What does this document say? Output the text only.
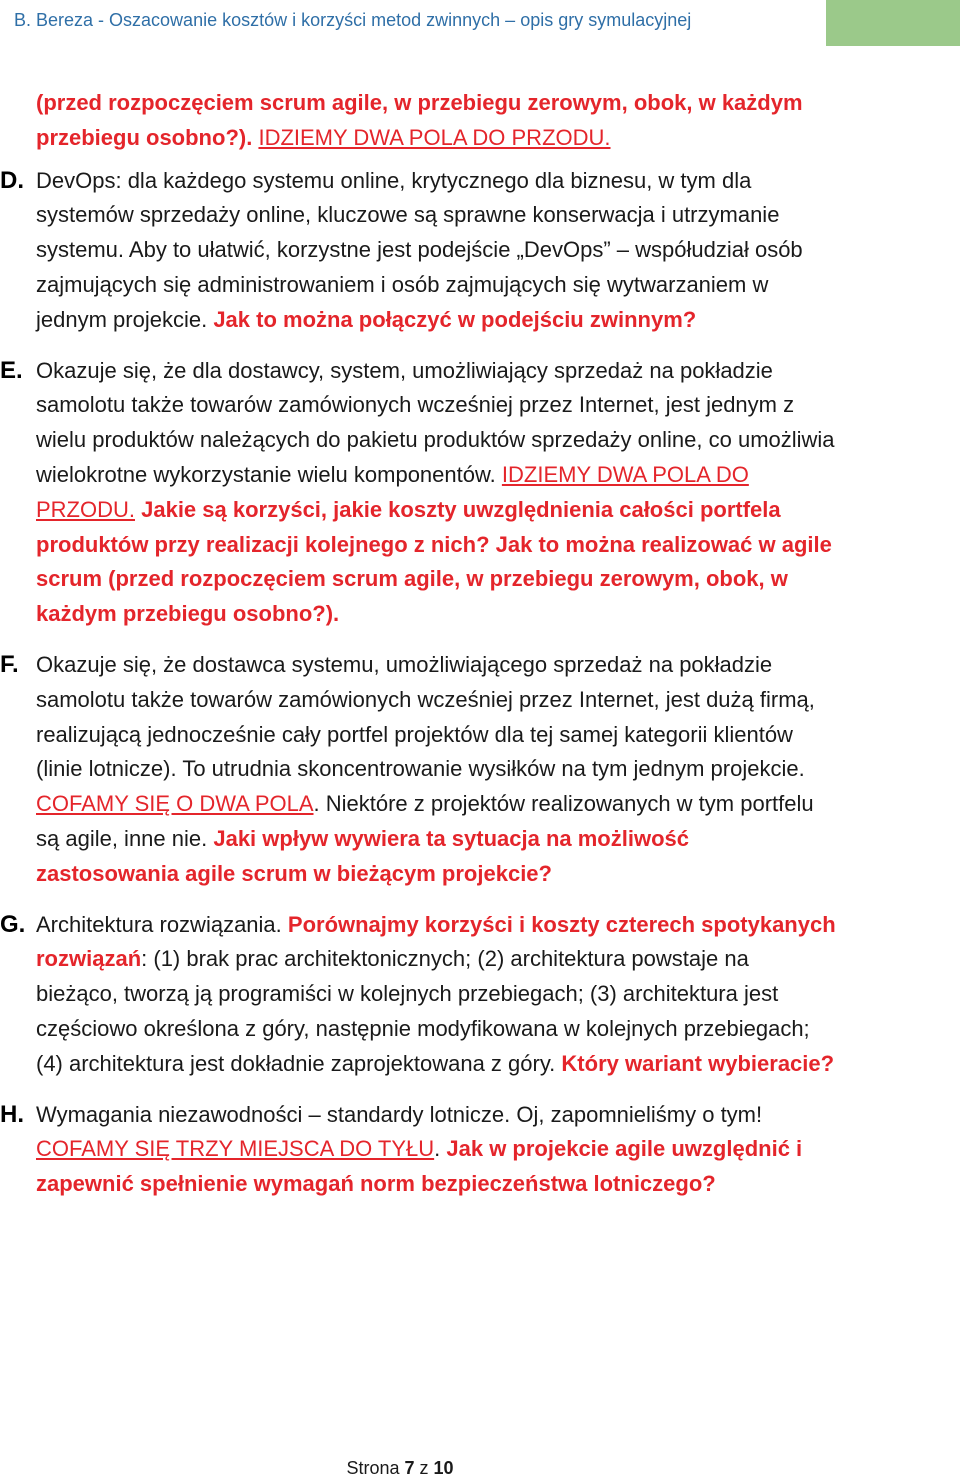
B. Bereza - Oszacowanie kosztów i korzyści metod zwinnych – opis gry symulacyjnej
(przed rozpoczęciem scrum agile, w przebiegu zerowym, obok, w każdym przebiegu osobno?). IDZIEMY DWA POLA DO PRZODU.
D. DevOps: dla każdego systemu online, krytycznego dla biznesu, w tym dla systemów sprzedaży online, kluczowe są sprawne konserwacja i utrzymanie systemu. Aby to ułatwić, korzystne jest podejście „DevOps” – współudział osób zajmujących się administrowaniem i osób zajmujących się wytwarzaniem w jednym projekcie. Jak to można połączyć w podejściu zwinnym?
E. Okazuje się, że dla dostawcy, system, umożliwiający sprzedaż na pokładzie samolotu także towarów zamówionych wcześniej przez Internet, jest jednym z wielu produktów należących do pakietu produktów sprzedaży online, co umożliwia wielokrotne wykorzystanie wielu komponentów. IDZIEMY DWA POLA DO PRZODU. Jakie są korzyści, jakie koszty uwzględnienia całości portfela produktów przy realizacji kolejnego z nich? Jak to można realizować w agile scrum (przed rozpoczęciem scrum agile, w przebiegu zerowym, obok, w każdym przebiegu osobno?).
F. Okazuje się, że dostawca systemu, umożliwiającego sprzedaż na pokładzie samolotu także towarów zamówionych wcześniej przez Internet, jest dużą firmą, realizującą jednocześnie cały portfel projektów dla tej samej kategorii klientów (linie lotnicze). To utrudnia skoncentrowanie wysiłków na tym jednym projekcie. COFAMY SIĘ O DWA POLA. Niektóre z projektów realizowanych w tym portfelu są agile, inne nie. Jaki wpływ wywiera ta sytuacja na możliwość zastosowania agile scrum w bieżącym projekcie?
G. Architektura rozwiązania. Porównajmy korzyści i koszty czterech spotykanych rozwiązań: (1) brak prac architektonicznych; (2) architektura powstaje na bieżąco, tworzą ją programiści w kolejnych przebiegach; (3) architektura jest częściowo określona z góry, następnie modyfikowana w kolejnych przebiegach; (4) architektura jest dokładnie zaprojektowana z góry. Który wariant wybieracie?
H. Wymagania niezawodności – standardy lotnicze. Oj, zapomnieliśmy o tym! COFAMY SIĘ TRZY MIEJSCA DO TYŁU. Jak w projekcie agile uwzględnić i zapewnić spełnienie wymagań norm bezpieczeństwa lotniczego?
Strona 7 z 10
